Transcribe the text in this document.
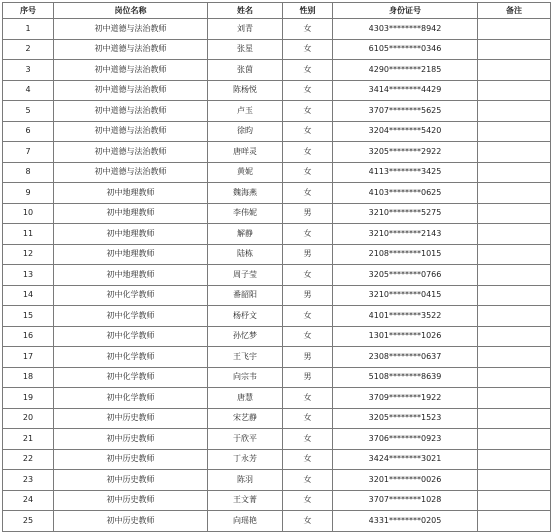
序号	岗位名称	姓名	性别	身份证号	备注
1	初中道德与法治教师	刘青	女	4303********8942	
2	初中道德与法治教师	张星	女	6105********0346	
3	初中道德与法治教师	张茵	女	4290********2185	
4	初中道德与法治教师	陈杨悦	女	3414********4429	
5	初中道德与法治教师	卢玉	女	3707********5625	
6	初中道德与法治教师	徐昀	女	3204********5420	
7	初中道德与法治教师	唐咩灵	女	3205********2922	
8	初中道德与法治教师	黄妮	女	4113********3425	
9	初中地理教师	魏海燕	女	4103********0625	
10	初中地理教师	李伟妮	男	3210********5275	
11	初中地理教师	解静	女	3210********2143	
12	初中地理教师	陆栋	男	2108********1015	
13	初中地理教师	周子莹	女	3205********0766	
14	初中化学教师	番韶阳	男	3210********0415	
15	初中化学教师	杨杼文	女	4101********3522	
16	初中化学教师	孙忆梦	女	1301********1026	
17	初中化学教师	王飞宇	男	2308********0637	
18	初中化学教师	向宗韦	男	5108********8639	
19	初中化学教师	唐慧	女	3709********1922	
20	初中历史教师	宋艺静	女	3205********1523	
21	初中历史教师	于欣平	女	3706********0923	
22	初中历史教师	丁永芳	女	3424********3021	
23	初中历史教师	陈羽	女	3201********0026	
24	初中历史教师	王文菁	女	3707********1028	
25	初中历史教师	向瑶艳	女	4331********0205	
